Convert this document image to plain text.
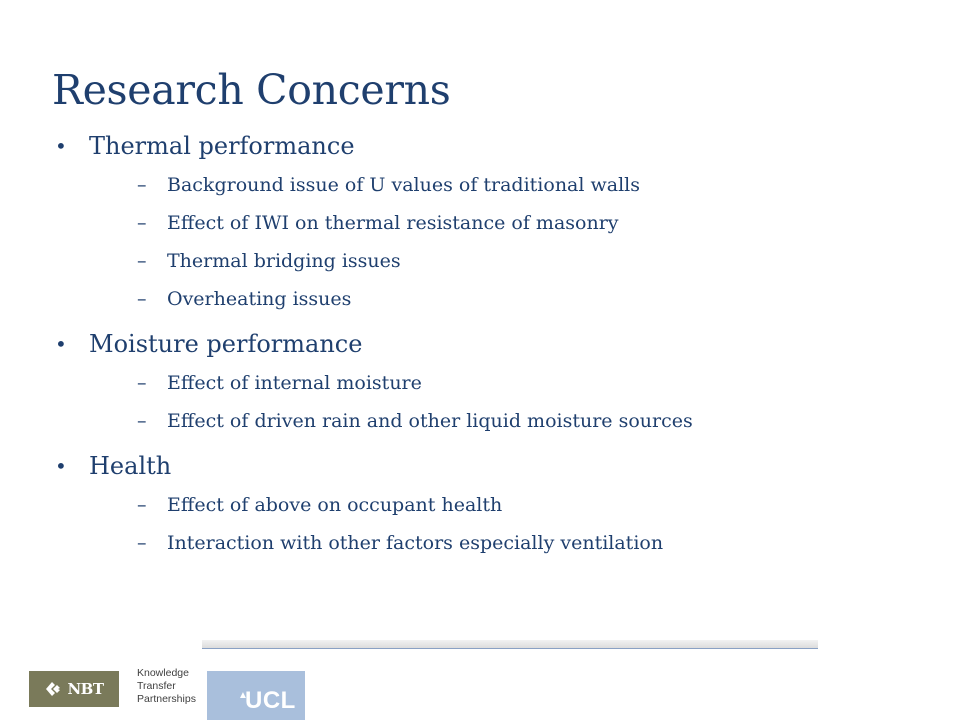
Research Concerns
• Thermal performance
– Background issue of U values of traditional walls
– Effect of IWI on thermal resistance of masonry
– Thermal bridging issues
– Overheating issues
• Moisture performance
– Effect of internal moisture
– Effect of driven rain and other liquid moisture sources
• Health
– Effect of above on occupant health
– Interaction with other factors especially ventilation
NBT
Knowledge
Transfer
Partnerships	▲
UCL
